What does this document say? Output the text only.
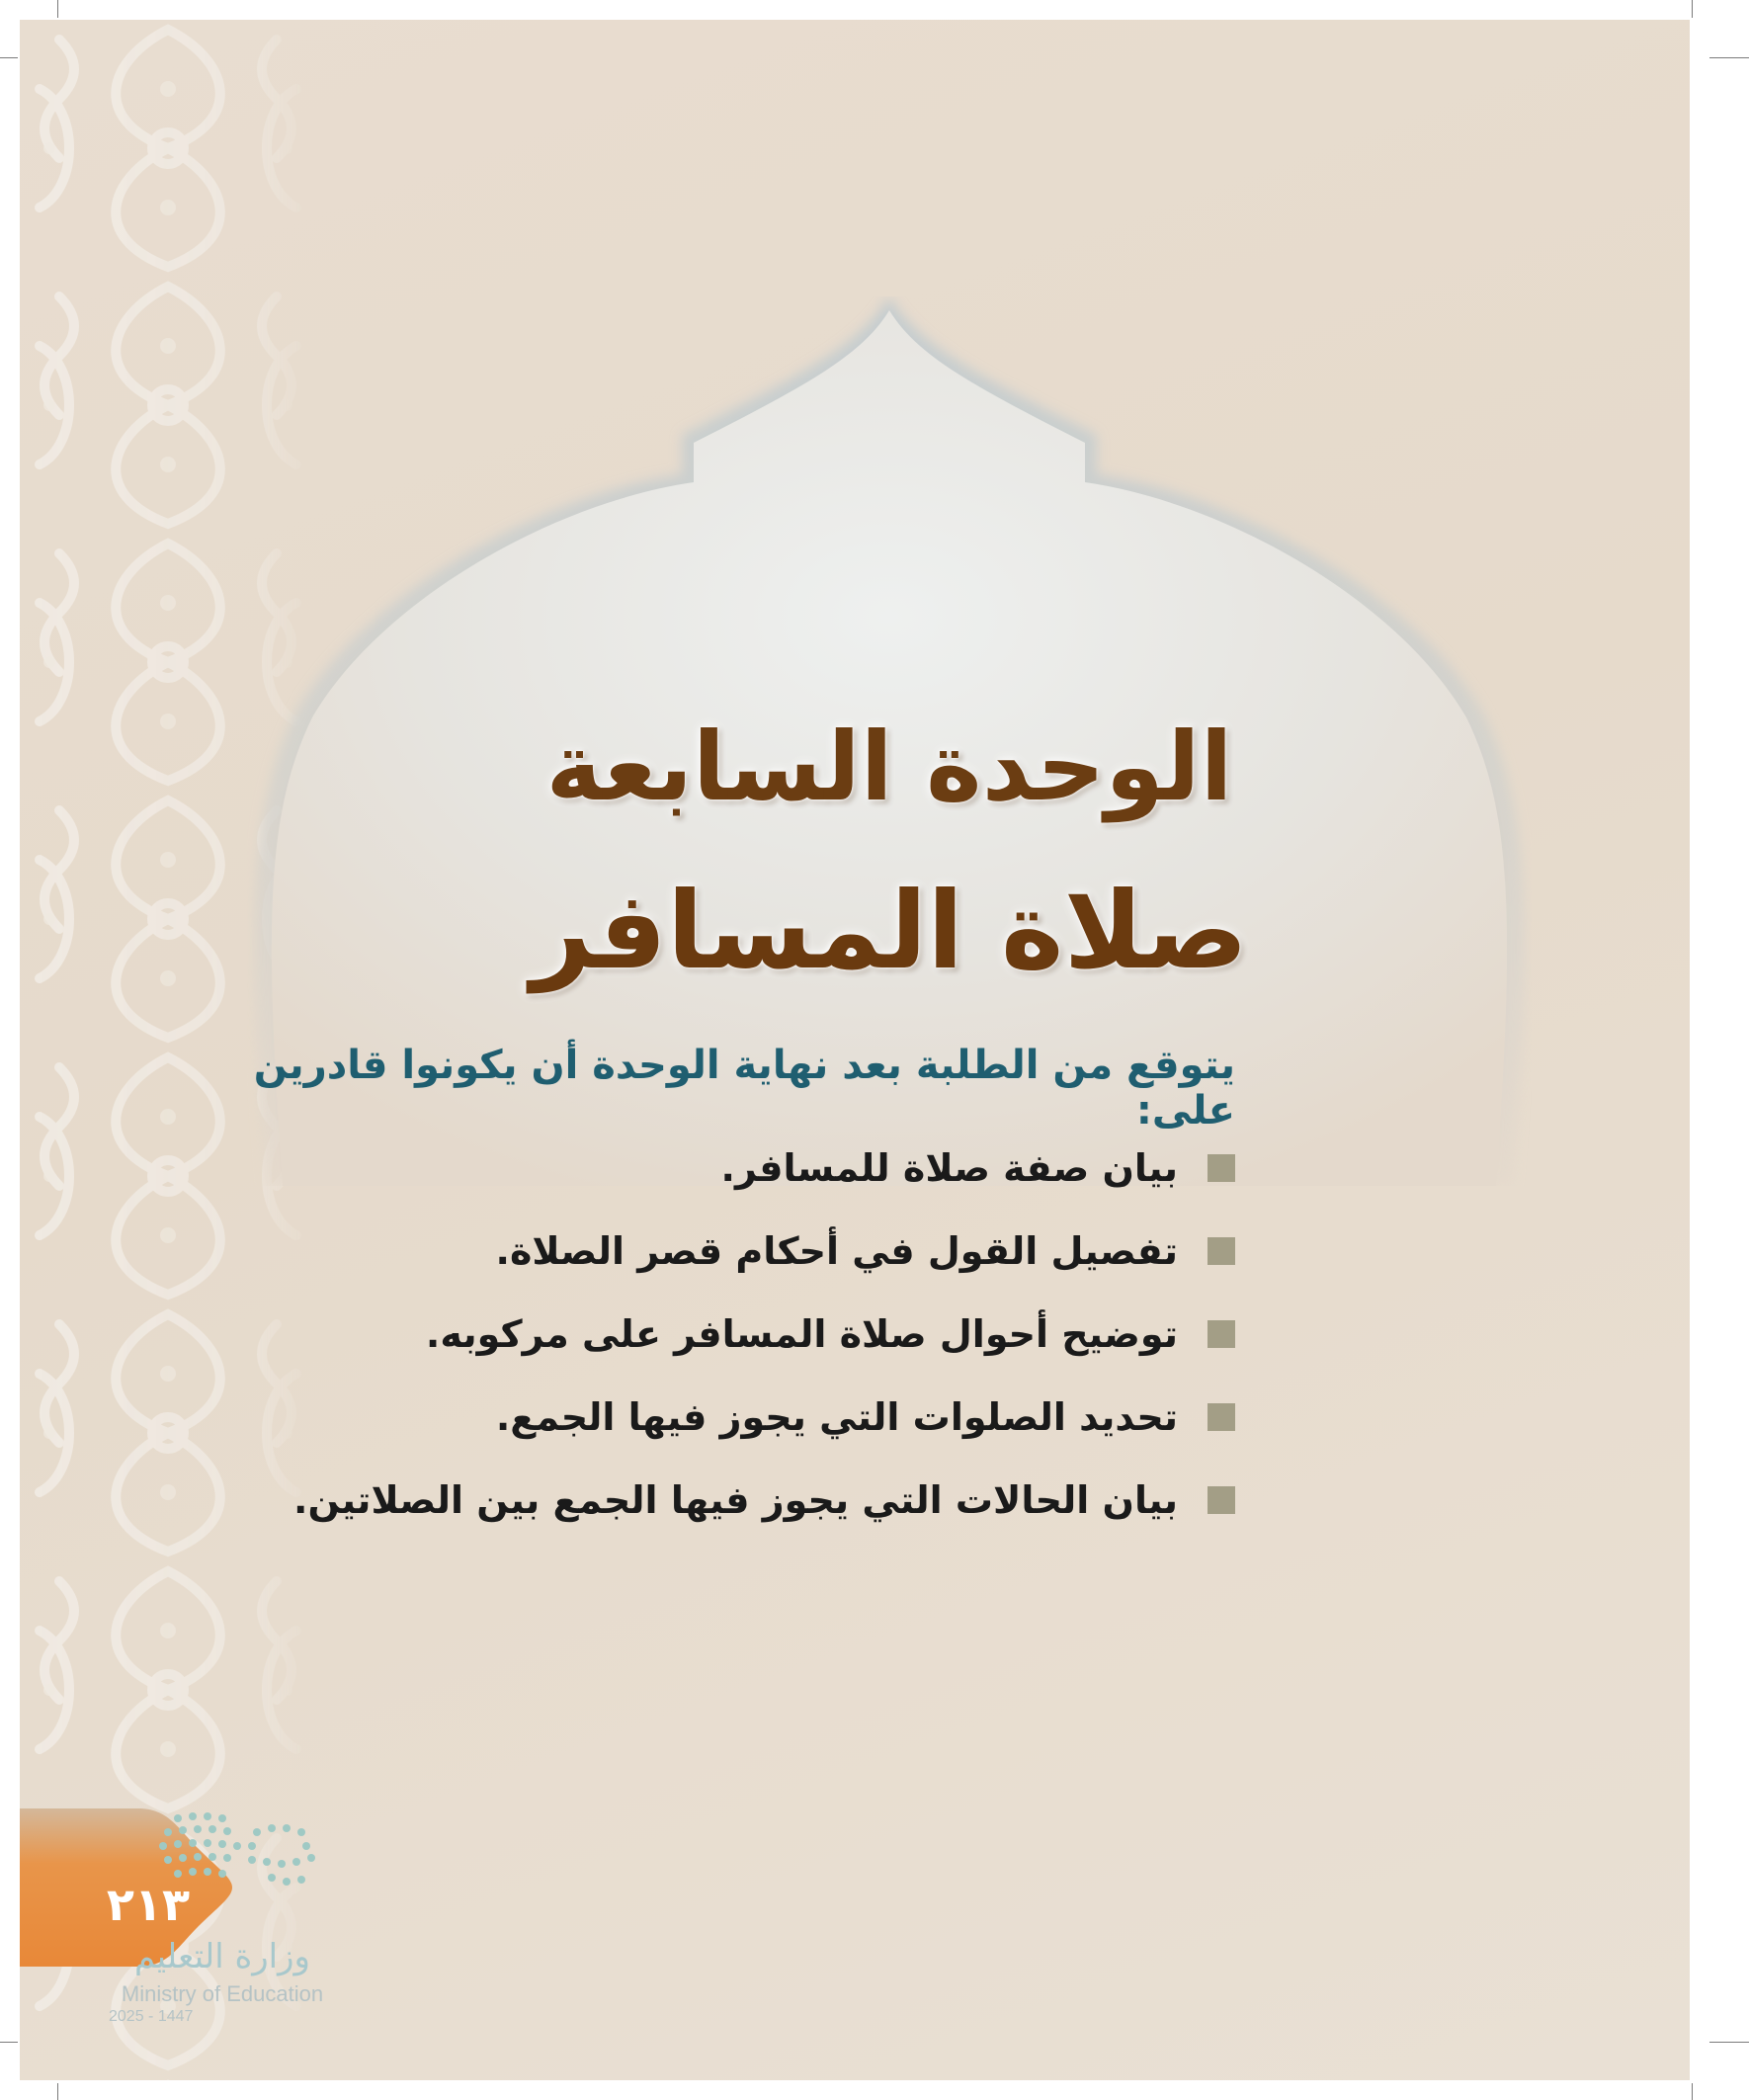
الوحدة السابعة
صلاة المسافر
يتوقع من الطلبة بعد نهاية الوحدة أن يكونوا قادرين على:
بيان صفة صلاة للمسافر.
تفصيل القول في أحكام قصر الصلاة.
توضيح أحوال صلاة المسافر على مركوبه.
تحديد الصلوات التي يجوز فيها الجمع.
بيان الحالات التي يجوز فيها الجمع بين الصلاتين.
٢١٣
وزارة التعليم
Ministry of Education
2025 - 1447
